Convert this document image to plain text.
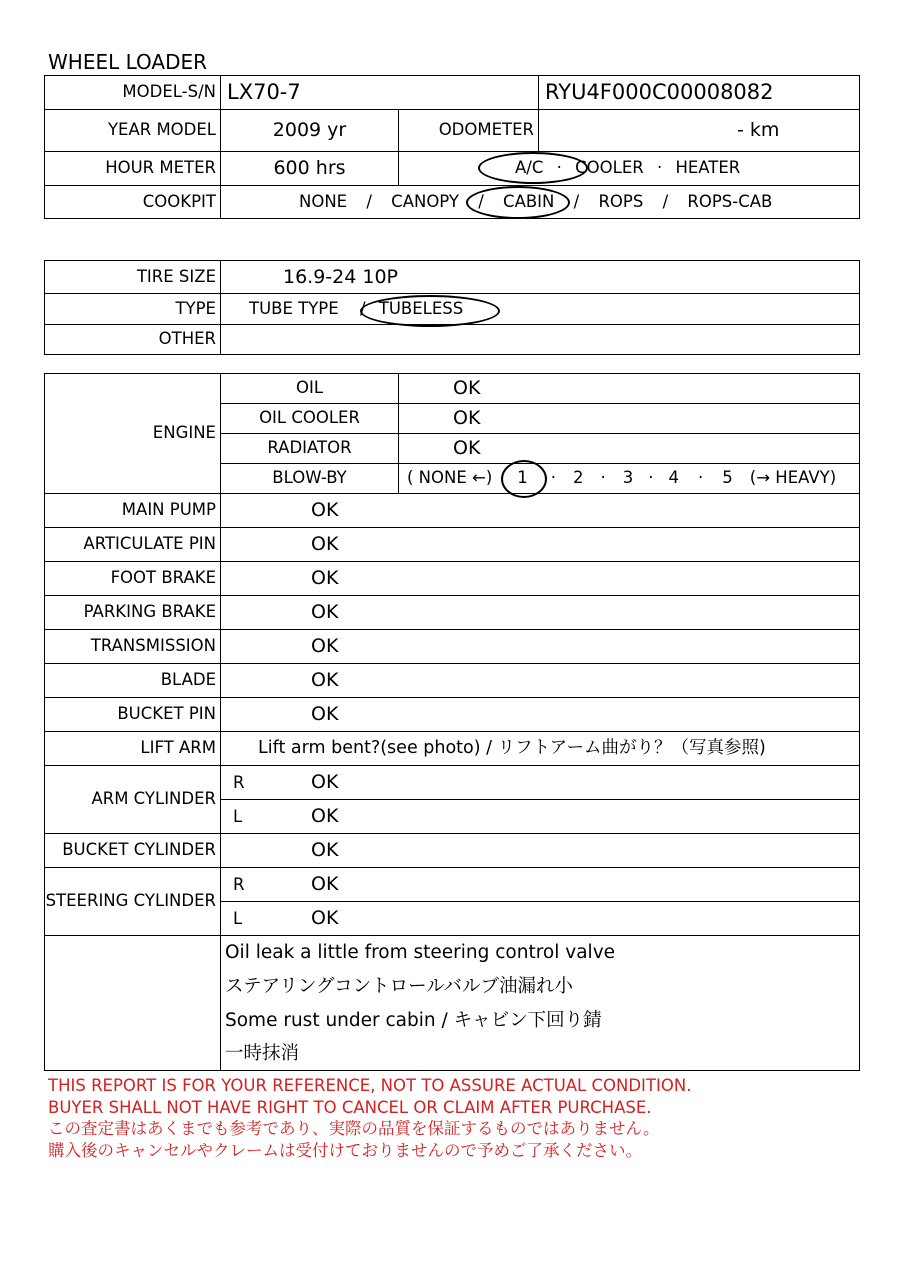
WHEEL LOADER
MODEL-S/N	LX70-7		RYU4F000C00008082
YEAR MODEL	2009 yr	ODOMETER	- km
HOUR METER	600 hrs	A/C · COOLER · HEATER	
COOKPIT	NONE / CANOPY / CABIN / ROPS / ROPS-CAB		
TIRE SIZE	16.9-24 10P
TYPE	TUBE TYPE / TUBELESS
OTHER	
ENGINE	OIL	OK
	OIL COOLER	OK
	RADIATOR	OK
	BLOW-BY	( NONE ←) 1 · 2 · 3 · 4 · 5 (→ HEAVY)
MAIN PUMP	OK	
ARTICULATE PIN	OK	
FOOT BRAKE	OK	
PARKING BRAKE	OK	
TRANSMISSION	OK	
BLADE	OK	
BUCKET PIN	OK	
LIFT ARM	Lift arm bent?(see photo) / リフトアーム曲がり？（写真参照)	
ARM CYLINDER	R OK	
	L OK	
BUCKET CYLINDER	OK	
STEERING CYLINDER	R OK	
	L OK	

	Oil leak a little from steering control valve
ステアリングコントロールバルブ油漏れ小
Some rust under cabin / キャビン下回り錆
一時抹消	
THIS REPORT IS FOR YOUR REFERENCE, NOT TO ASSURE ACTUAL CONDITION.
BUYER SHALL NOT HAVE RIGHT TO CANCEL OR CLAIM AFTER PURCHASE.
この査定書はあくまでも参考であり、実際の品質を保証するものではありません。
購入後のキャンセルやクレームは受付けておりませんので予めご了承ください。
